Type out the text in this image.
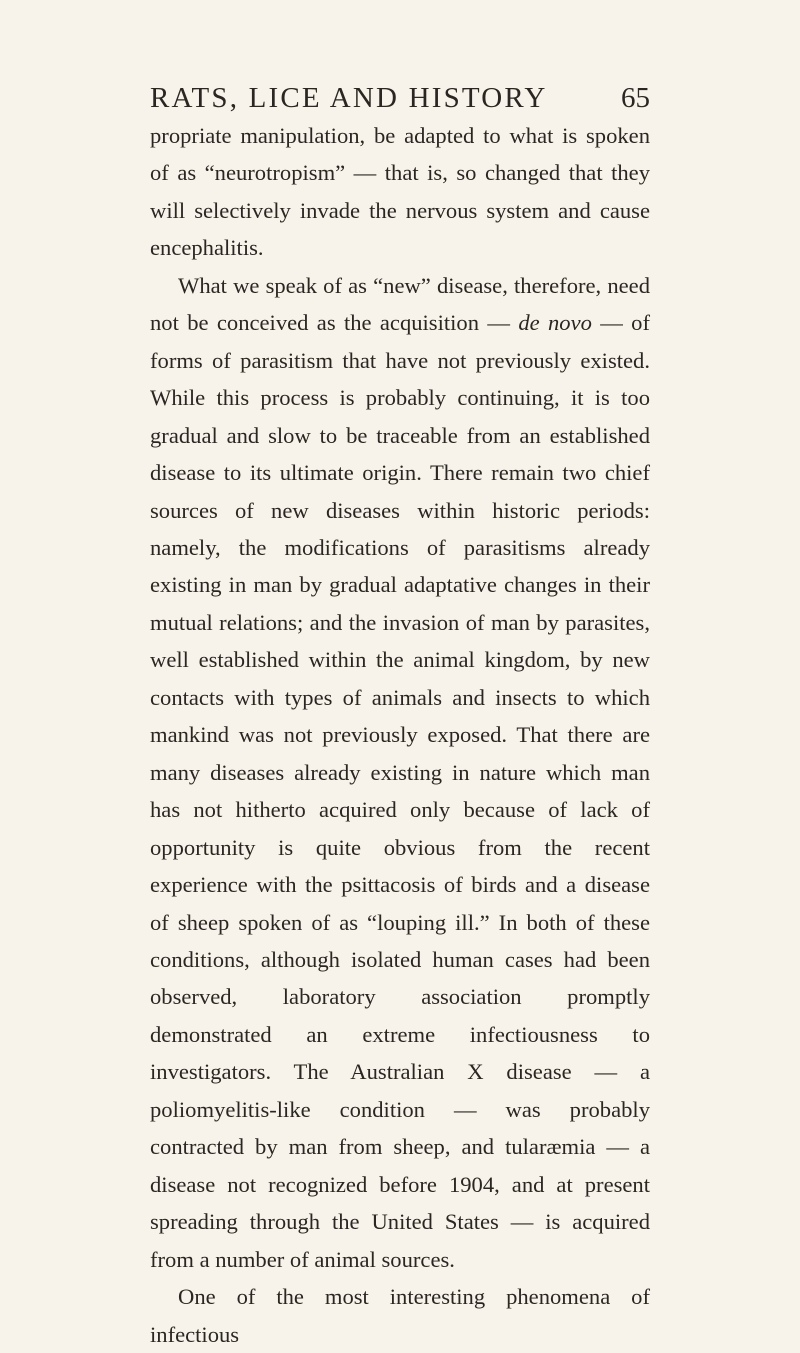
RATS, LICE AND HISTORY	65

propriate manipulation, be adapted to what is spoken of as “neurotropism” — that is, so changed that they will selectively invade the nervous system and cause encephalitis.

What we speak of as “new” disease, therefore, need not be conceived as the acquisition — de novo — of forms of parasitism that have not previously existed. While this process is probably continuing, it is too gradual and slow to be traceable from an established disease to its ultimate origin. There remain two chief sources of new diseases within historic periods: namely, the modifications of parasitisms already existing in man by gradual adaptative changes in their mutual relations; and the invasion of man by parasites, well established within the animal kingdom, by new contacts with types of animals and insects to which mankind was not previously exposed. That there are many diseases already existing in nature which man has not hitherto acquired only because of lack of opportunity is quite obvious from the recent experience with the psittacosis of birds and a disease of sheep spoken of as “louping ill.” In both of these conditions, although isolated human cases had been observed, laboratory association promptly demonstrated an extreme infectiousness to investigators. The Australian X disease — a poliomyelitis-like condition — was probably contracted by man from sheep, and tularæmia — a disease not recognized before 1904, and at present spreading through the United States — is acquired from a number of animal sources.

One of the most interesting phenomena of infectious
